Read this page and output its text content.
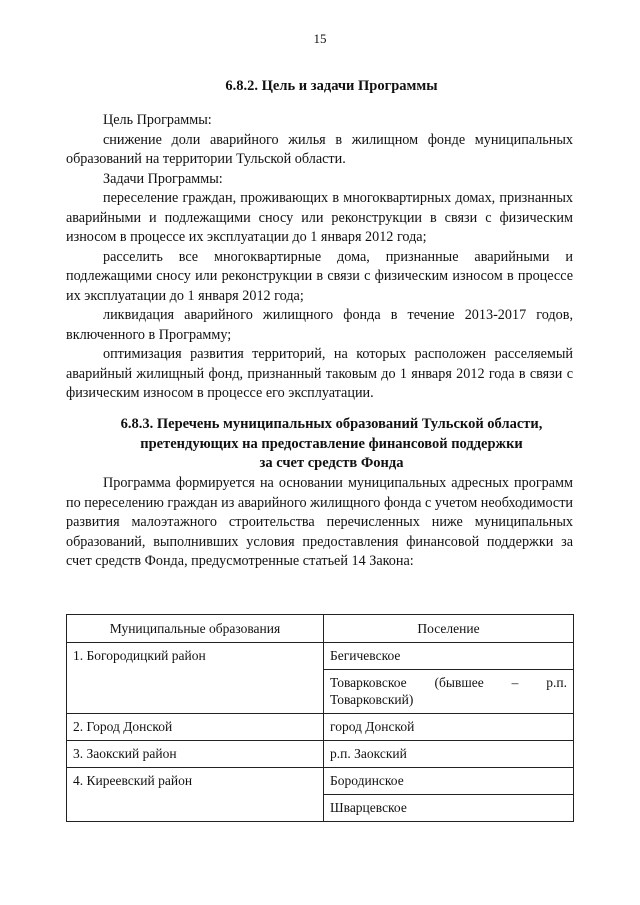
15
6.8.2. Цель и задачи Программы

Цель Программы:

снижение доли аварийного жилья в жилищном фонде муниципальных образований на территории Тульской области.

Задачи Программы:

переселение граждан, проживающих в многоквартирных домах, признанных аварийными и подлежащими сносу или реконструкции в связи с физическим износом в процессе их эксплуатации до 1 января 2012 года;

расселить все многоквартирные дома, признанные аварийными и подлежащими сносу или реконструкции в связи с физическим износом в процессе их эксплуатации до 1 января 2012 года;

ликвидация аварийного жилищного фонда в течение 2013-2017 годов, включенного в Программу;

оптимизация развития территорий, на которых расположен расселяемый аварийный жилищный фонд, признанный таковым до 1 января 2012 года в связи с физическим износом в процессе его эксплуатации.

6.8.3. Перечень муниципальных образований Тульской области,
претендующих на предоставление финансовой поддержки
за счет средств Фонда

Программа формируется на основании муниципальных адресных программ по переселению граждан из аварийного жилищного фонда с учетом необходимости развития малоэтажного строительства перечисленных ниже муниципальных образований, выполнивших условия предоставления финансовой поддержки за счет средств Фонда, предусмотренные статьей 14 Закона:

Муниципальные образования	Поселение
1. Богородицкий район	Бегичевское
	Товарковское (бывшее – р.п. Товарковский)
2. Город Донской	город Донской
3. Заокский район	р.п. Заокский
4. Киреевский район	Бородинское
	Шварцевское
